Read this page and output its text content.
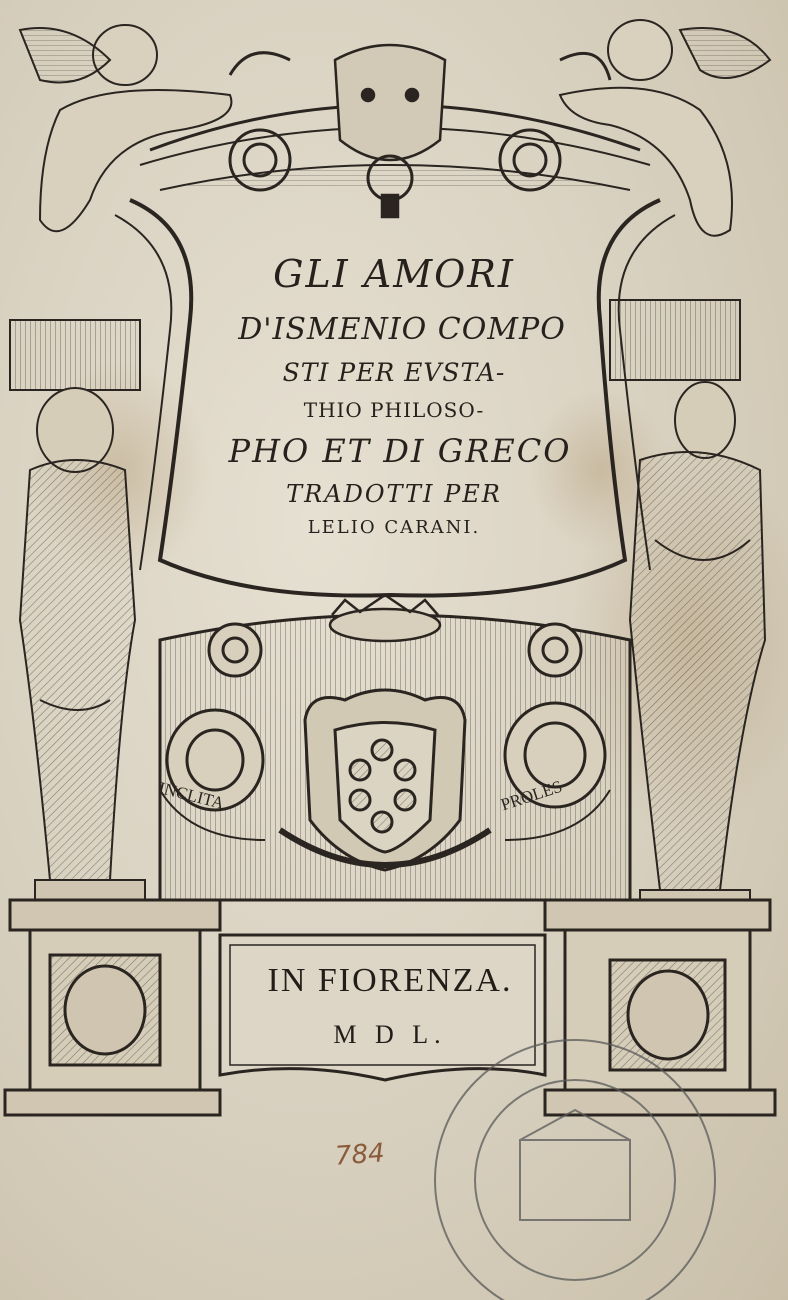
GLI AMORI
D'ISMENIO COMPO
STI PER EVSTA-
THIO PHILOSO-
PHO ET DI GRECO
TRADOTTI PER
LELIO CARANI.
INCLITA	PROLES
IN FIORENZA.
M D L.
784
